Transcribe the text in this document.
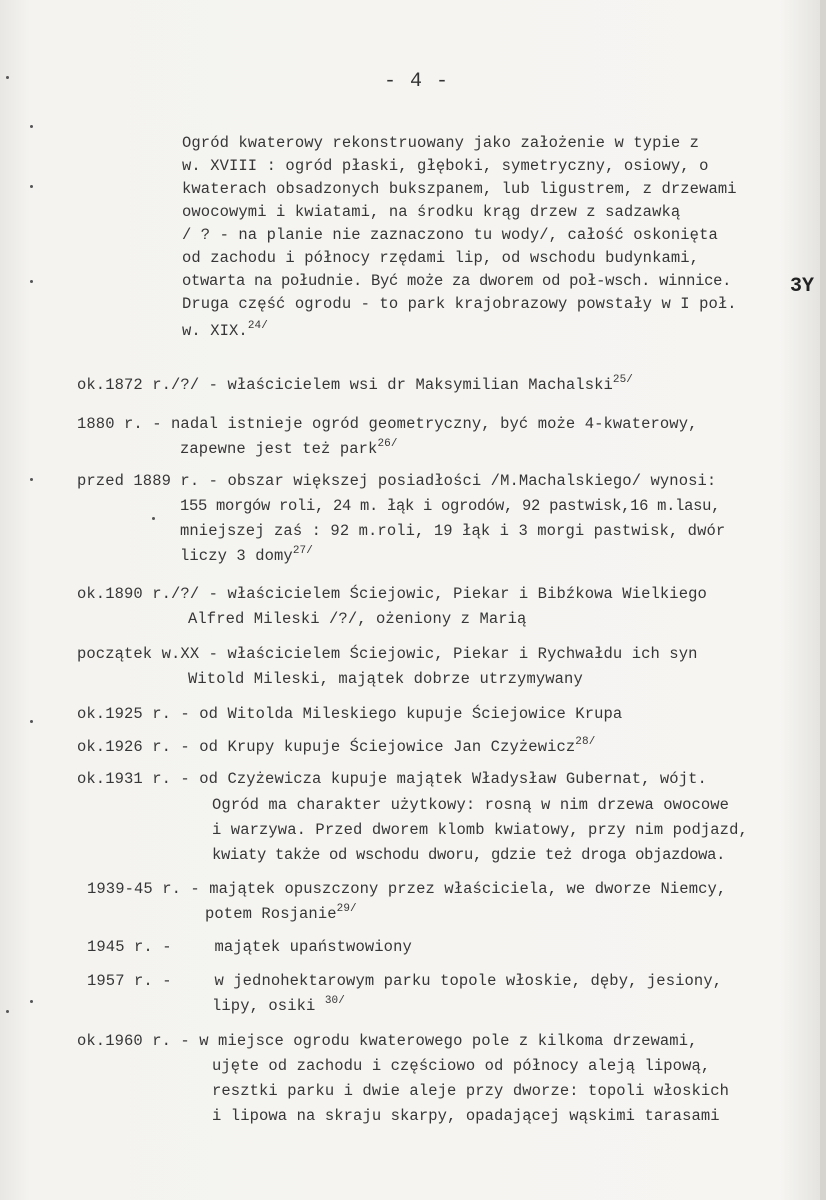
- 4 -
Ogród kwaterowy rekonstruowany jako założenie w typie z
w. XVIII : ogród płaski, głęboki, symetryczny, osiowy, o
kwaterach obsadzonych bukszpanem, lub ligustrem, z drzewami
owocowymi i kwiatami, na środku krąg drzew z sadzawką
/ ? - na planie nie zaznaczono tu wody/, całość oskonięta
od zachodu i północy rzędami lip, od wschodu budynkami,
otwarta na południe. Być może za dworem od poł-wsch. winnice.
Druga część ogrodu - to park krajobrazowy powstały w I poł.
w. XIX.$^{24/}$
3Y
ok.1872 r./?/ - właścicielem wsi dr Maksymilian Machalski$^{25/}$
1880 r. - nadal istnieje ogród geometryczny, być może 4-kwaterowy,
zapewne jest też park$^{26/}$
przed 1889 r. - obszar większej posiadłości /M.Machalskiego/ wynosi:
155 morgów roli, 24 m. łąk i ogrodów, 92 pastwisk,16 m.lasu,
mniejszej zaś : 92 m.roli, 19 łąk i 3 morgi pastwisk, dwór
liczy 3 domy$^{27/}$
ok.1890 r./?/ - właścicielem Ściejowic, Piekar i Bibźkowa Wielkiego
Alfred Mileski /?/, ożeniony z Marią
początek w.XX - właścicielem Ściejowic, Piekar i Rychwałdu ich syn
Witold Mileski, majątek dobrze utrzymywany
ok.1925 r. - od Witolda Mileskiego kupuje Ściejowice Krupa
ok.1926 r. - od Krupy kupuje Ściejowice Jan Czyżewicz$^{28/}$
ok.1931 r. - od Czyżewicza kupuje majątek Władysław Gubernat, wójt.
Ogród ma charakter użytkowy: rosną w nim drzewa owocowe
i warzywa. Przed dworem klomb kwiatowy, przy nim podjazd,
kwiaty także od wschodu dworu, gdzie też droga objazdowa.
1939-45 r. - majątek opuszczony przez właściciela, we dworze Niemcy,
potem Rosjanie$^{29/}$
1945 r. -	majątek upaństwowiony
1957 r. -	w jednohektarowym parku topole włoskie, dęby, jesiony,
lipy, osiki $^{30/}$
ok.1960 r. - w miejsce ogrodu kwaterowego pole z kilkoma drzewami,
ujęte od zachodu i częściowo od północy aleją lipową,
resztki parku i dwie aleje przy dworze: topoli włoskich
i lipowa na skraju skarpy, opadającej wąskimi tarasami
